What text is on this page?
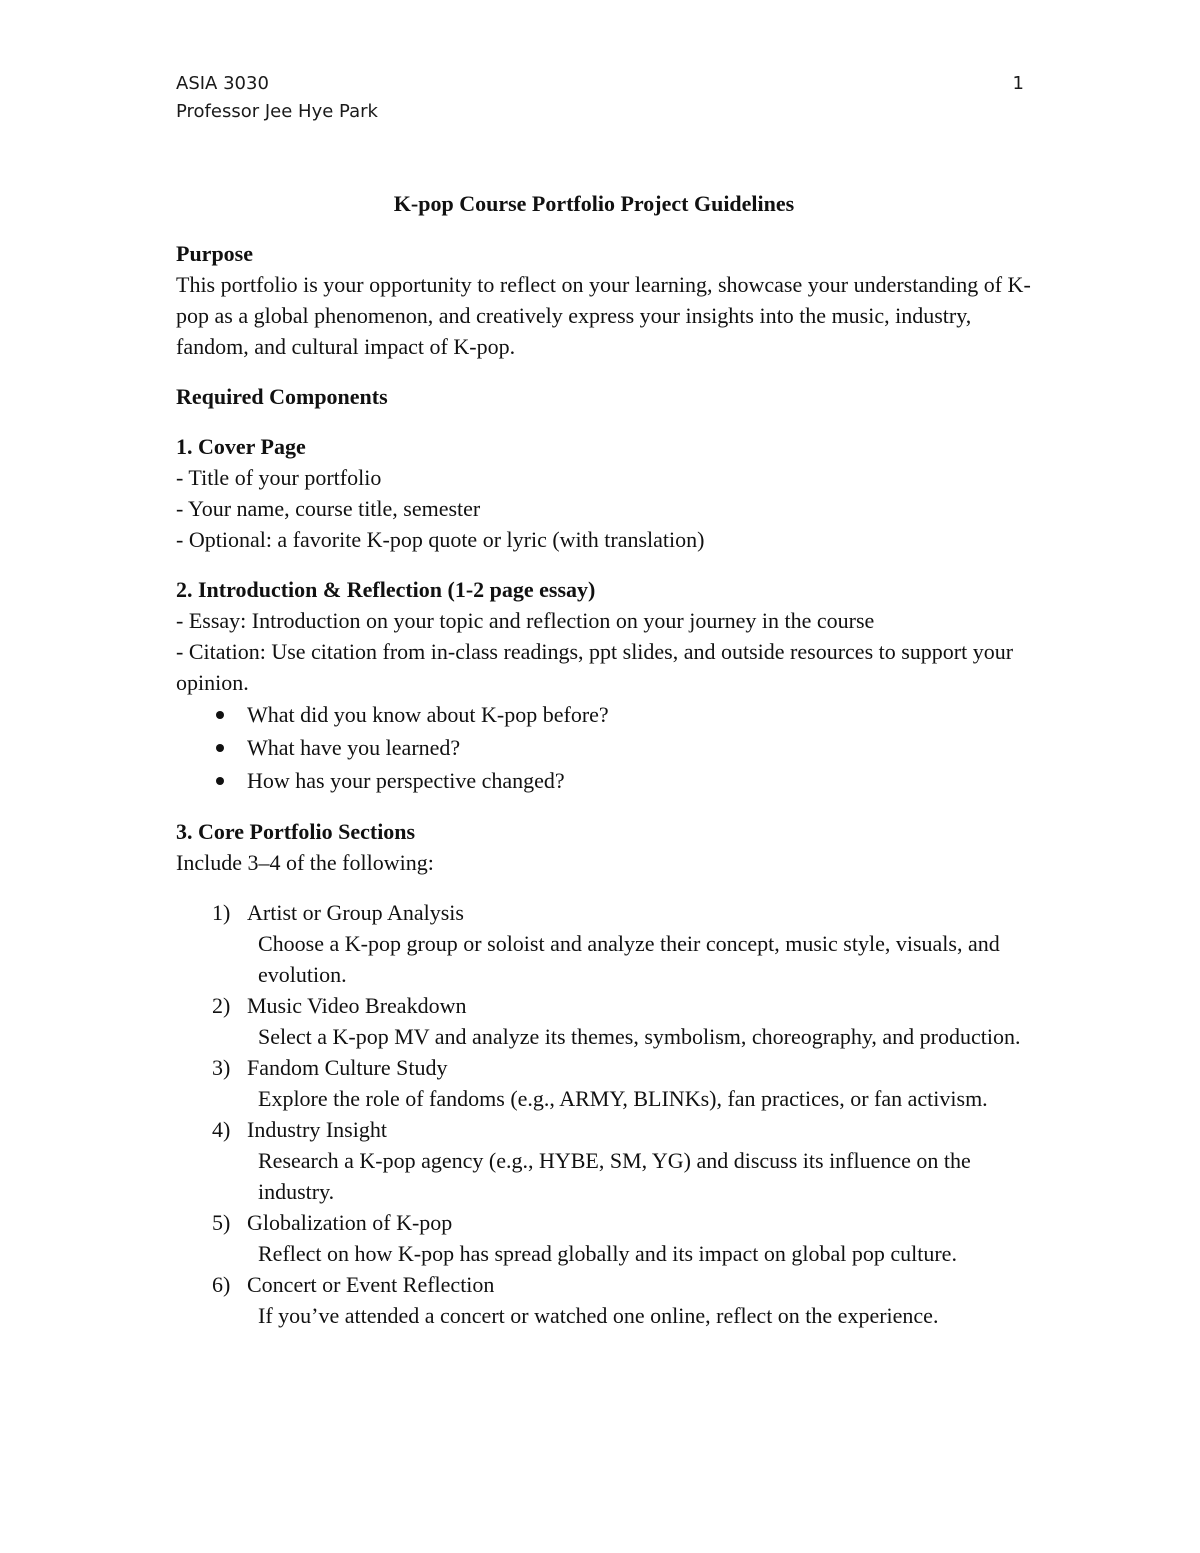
ASIA 3030
Professor Jee Hye Park
1
K-pop Course Portfolio Project Guidelines

Purpose

This portfolio is your opportunity to reflect on your learning, showcase your understanding of K-pop as a global phenomenon, and creatively express your insights into the music, industry, fandom, and cultural impact of K-pop.

Required Components

1. Cover Page

- Title of your portfolio

- Your name, course title, semester

- Optional: a favorite K-pop quote or lyric (with translation)

2. Introduction & Reflection (1-2 page essay)

- Essay: Introduction on your topic and reflection on your journey in the course

- Citation: Use citation from in-class readings, ppt slides, and outside resources to support your opinion.

What did you know about K-pop before?
What have you learned?
How has your perspective changed?

3. Core Portfolio Sections

Include 3–4 of the following:

1) Artist or Group Analysis
Choose a K-pop group or soloist and analyze their concept, music style, visuals, and evolution.
2) Music Video Breakdown
Select a K-pop MV and analyze its themes, symbolism, choreography, and production.
3) Fandom Culture Study
Explore the role of fandoms (e.g., ARMY, BLINKs), fan practices, or fan activism.
4) Industry Insight
Research a K-pop agency (e.g., HYBE, SM, YG) and discuss its influence on the industry.
5) Globalization of K-pop
Reflect on how K-pop has spread globally and its impact on global pop culture.
6) Concert or Event Reflection
If you’ve attended a concert or watched one online, reflect on the experience.
